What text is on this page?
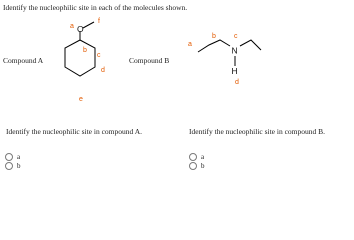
Identify the nucleophilic site in each of the molecules shown.
Compound A	Compound B
O
a
b
c
d
e
f
N
H
a
b	c
d
Identify the nucleophilic site in compound A.	Identify the nucleophilic site in compound B.
a
b
a
b
